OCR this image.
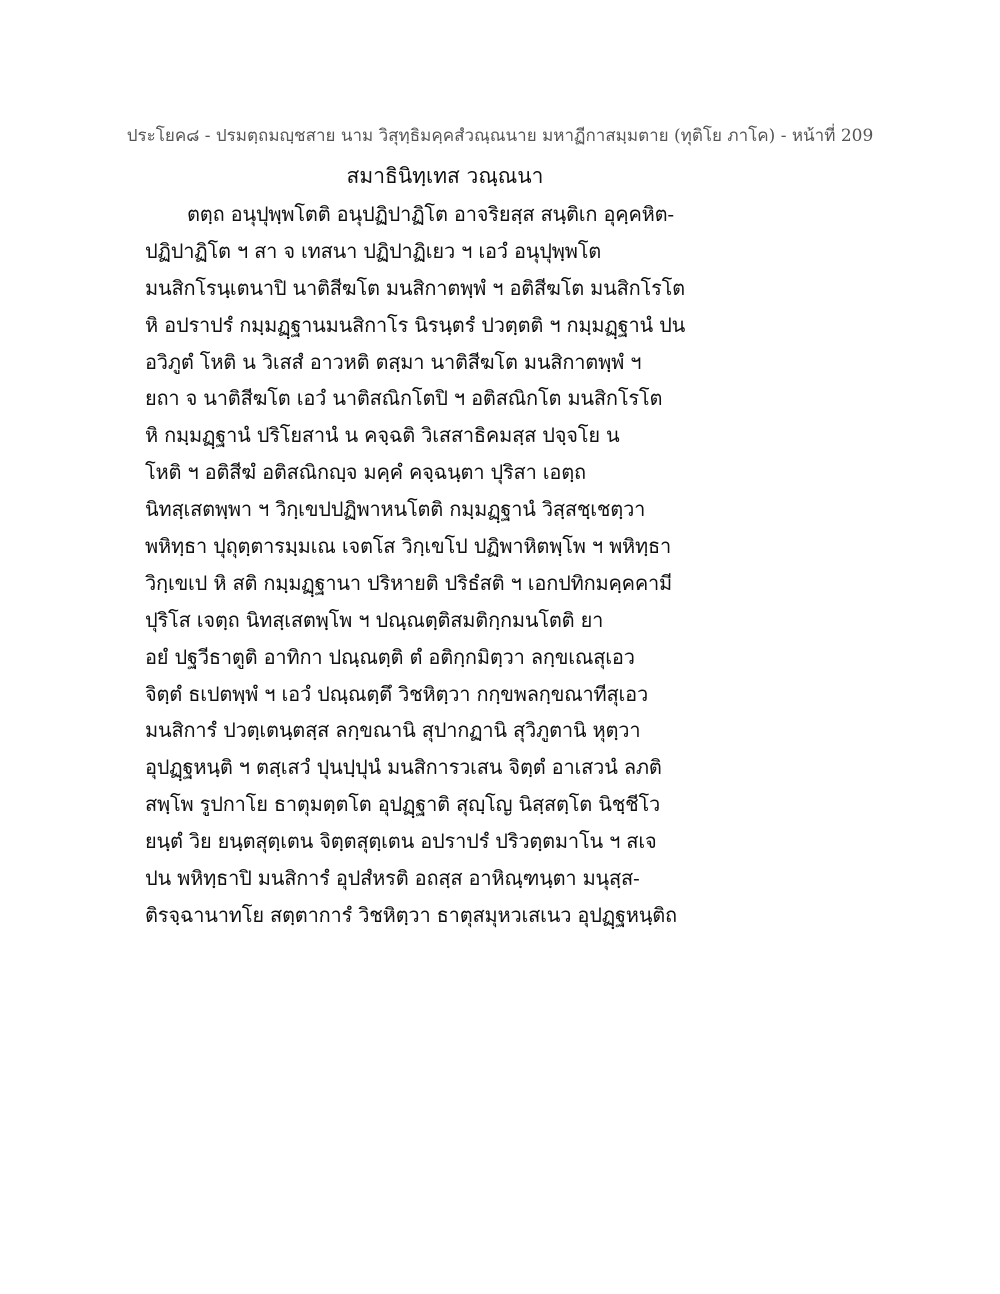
ประโยค๘ - ปรมตฺถมญฺชสาย นาม วิสุทฺธิมคฺคสํวณฺณนาย มหาฏีกาสมฺมตาย (ทุติโย ภาโค) - หน้าที่ 209
สมาธินิทฺเทส วณฺณนา
ตตฺถ อนุปุพฺพโตติ อนุปฏิปาฏิโต อาจริยสฺส สนฺติเก อุคฺคหิต-
ปฏิปาฏิโต ฯ สา จ เทสนา ปฏิปาฏิเยว ฯ เอวํ อนุปุพฺพโต
มนสิกโรนฺเตนาปิ นาติสีฆโต มนสิกาตพฺพํ ฯ อติสีฆโต มนสิกโรโต
หิ อปราปรํ กมฺมฏฺฐานมนสิกาโร นิรนฺตรํ ปวตฺตติ ฯ กมฺมฏฺฐานํ ปน
อวิภูตํ โหติ น วิเสสํ อาวหติ ตสฺมา นาติสีฆโต มนสิกาตพฺพํ ฯ
ยถา จ นาติสีฆโต เอวํ นาติสณิกโตปิ ฯ อติสณิกโต มนสิกโรโต
หิ กมฺมฏฺฐานํ ปริโยสานํ น คจฺฉติ วิเสสาธิคมสฺส ปจฺจโย น
โหติ ฯ อติสีฆํ อติสณิกญฺจ มคฺคํ คจฺฉนฺตา ปุริสา เอตฺถ
นิทสฺเสตพฺพา ฯ วิกฺเขปปฏิพาหนโตติ กมฺมฏฺฐานํ วิสฺสชฺเชตฺวา
พหิทฺธา ปุถุตฺตารมฺมเณ เจตโส วิกฺเขโป ปฏิพาหิตพฺโพ ฯ พหิทฺธา
วิกฺเขเป หิ สติ กมฺมฏฺฐานา ปริหายติ ปริธํสติ ฯ เอกปทิกมคฺคคามี
ปุริโส เจตฺถ นิทสฺเสตพฺโพ ฯ ปณฺณตฺติสมติกฺกมนโตติ ยา
อยํ ปฐวีธาตูติ อาทิกา ปณฺณตฺติ ตํ อติกฺกมิตฺวา ลกฺขเณสุเอว
จิตฺตํ ธเปตพฺพํ ฯ เอวํ ปณฺณตฺตึ วิชหิตฺวา กกฺขพลกฺขณาทีสุเอว
มนสิการํ ปวตฺเตนฺตสฺส ลกฺขณานิ สุปากฏานิ สุวิภูตานิ หุตฺวา
อุปฏฺฐหนฺติ ฯ ตสฺเสวํ ปุนปฺปุนํ มนสิการวเสน จิตฺตํ อาเสวนํ ลภติ
สพฺโพ รูปกาโย ธาตุมตฺตโต อุปฏฺฐาติ สุญฺโญ นิสฺสตฺโต นิชฺชีโว
ยนฺตํ วิย ยนฺตสุตฺเตน จิตฺตสุตฺเตน อปราปรํ ปริวตฺตมาโน ฯ สเจ
ปน พหิทฺธาปิ มนสิการํ อุปสํหรติ อถสฺส อาหิณฺฑนฺตา มนุสฺส-
ติรจฺฉานาทโย สตฺตาการํ วิชหิตฺวา ธาตุสมุหวเสเนว อุปฏฺฐหนฺติถ
